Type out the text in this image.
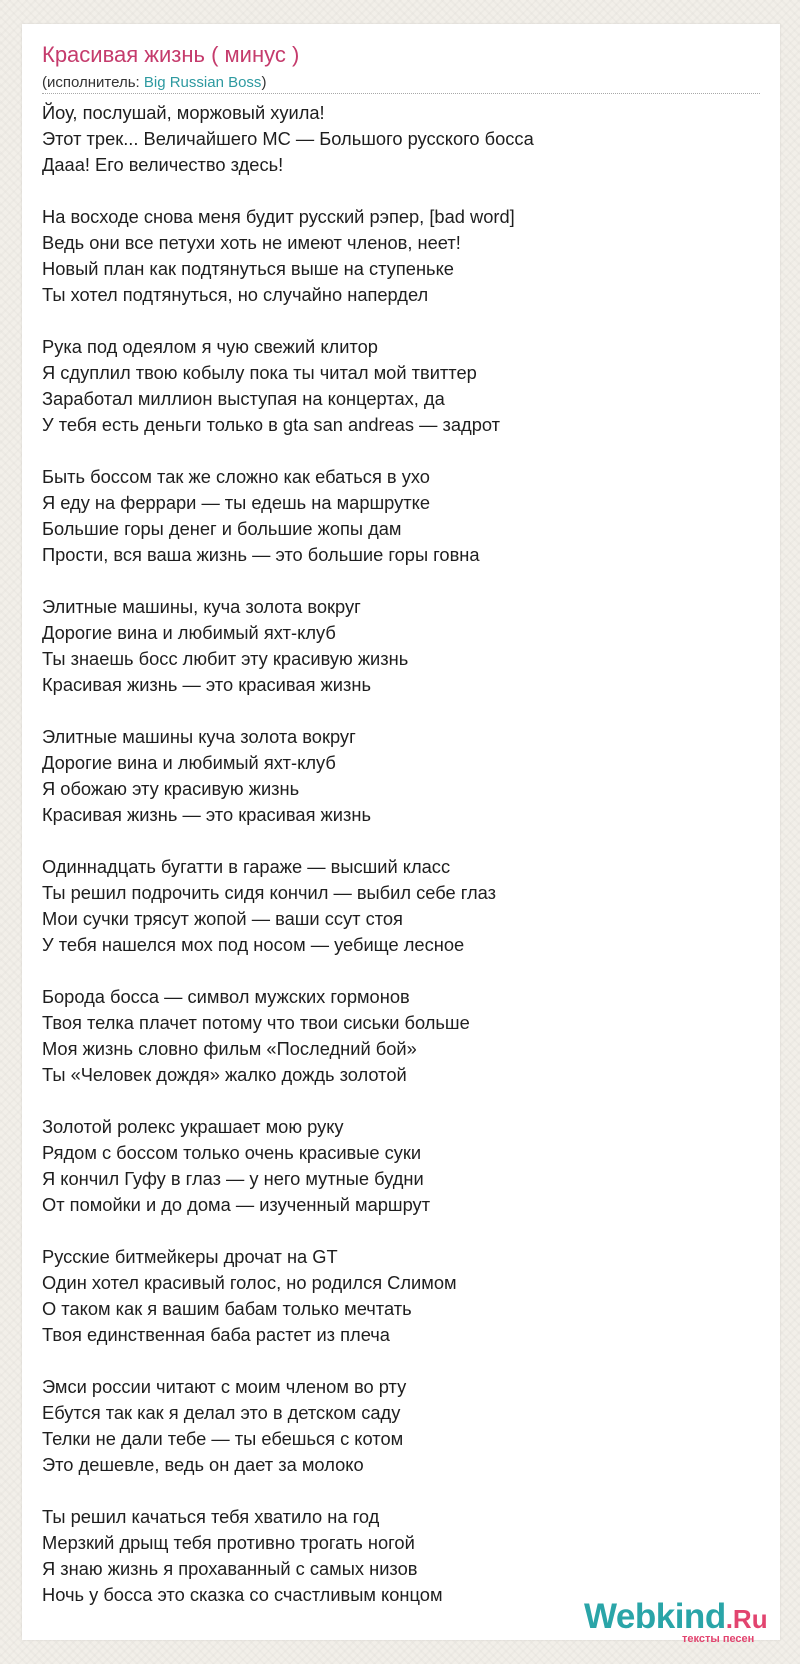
Красивая жизнь ( минус )
(исполнитель: Big Russian Boss)
Йоу, послушай, моржовый хуила!
Этот трек... Величайшего MC — Большого русского босса
Дааа! Его величество здесь!
На восходе снова меня будит русский рэпер, [bad word]
Ведь они все петухи хоть не имеют членов, неет!
Новый план как подтянуться выше на ступеньке
Ты хотел подтянуться, но случайно напердел
Рука под одеялом я чую свежий клитор
Я сдуплил твою кобылу пока ты читал мой твиттер
Заработал миллион выступая на концертах, да
У тебя есть деньги только в gta san andreas — задрот
Быть боссом так же сложно как ебаться в ухо
Я еду на феррари — ты едешь на маршрутке
Большие горы денег и большие жопы дам
Прости, вся ваша жизнь — это большие горы говна
Элитные машины, куча золота вокруг
Дорогие вина и любимый яхт-клуб
Ты знаешь босс любит эту красивую жизнь
Красивая жизнь — это красивая жизнь
Элитные машины куча золота вокруг
Дорогие вина и любимый яхт-клуб
Я обожаю эту красивую жизнь
Красивая жизнь — это красивая жизнь
Одиннадцать бугатти в гараже — высший класс
Ты решил подрочить сидя кончил — выбил себе глаз
Мои сучки трясут жопой — ваши ссут стоя
У тебя нашелся мох под носом — уебище лесное
Борода босса — символ мужских гормонов
Твоя телка плачет потому что твои сиськи больше
Моя жизнь словно фильм «Последний бой»
Ты «Человек дождя» жалко дождь золотой
Золотой ролекс украшает мою руку
Рядом с боссом только очень красивые суки
Я кончил Гуфу в глаз — у него мутные будни
От помойки и до дома — изученный маршрут
Русские битмейкеры дрочат на GT
Один хотел красивый голос, но родился Слимом
О таком как я вашим бабам только мечтать
Твоя единственная баба растет из плеча
Эмси россии читают с моим членом во рту
Ебутся так как я делал это в детском саду
Телки не дали тебе — ты ебешься с котом
Это дешевле, ведь он дает за молоко
Ты решил качаться тебя хватило на год
Мерзкий дрыщ тебя противно трогать ногой
Я знаю жизнь я прохаванный с самых низов
Ночь у босса это сказка со счастливым концом
Webkind.Ru
тексты песен
